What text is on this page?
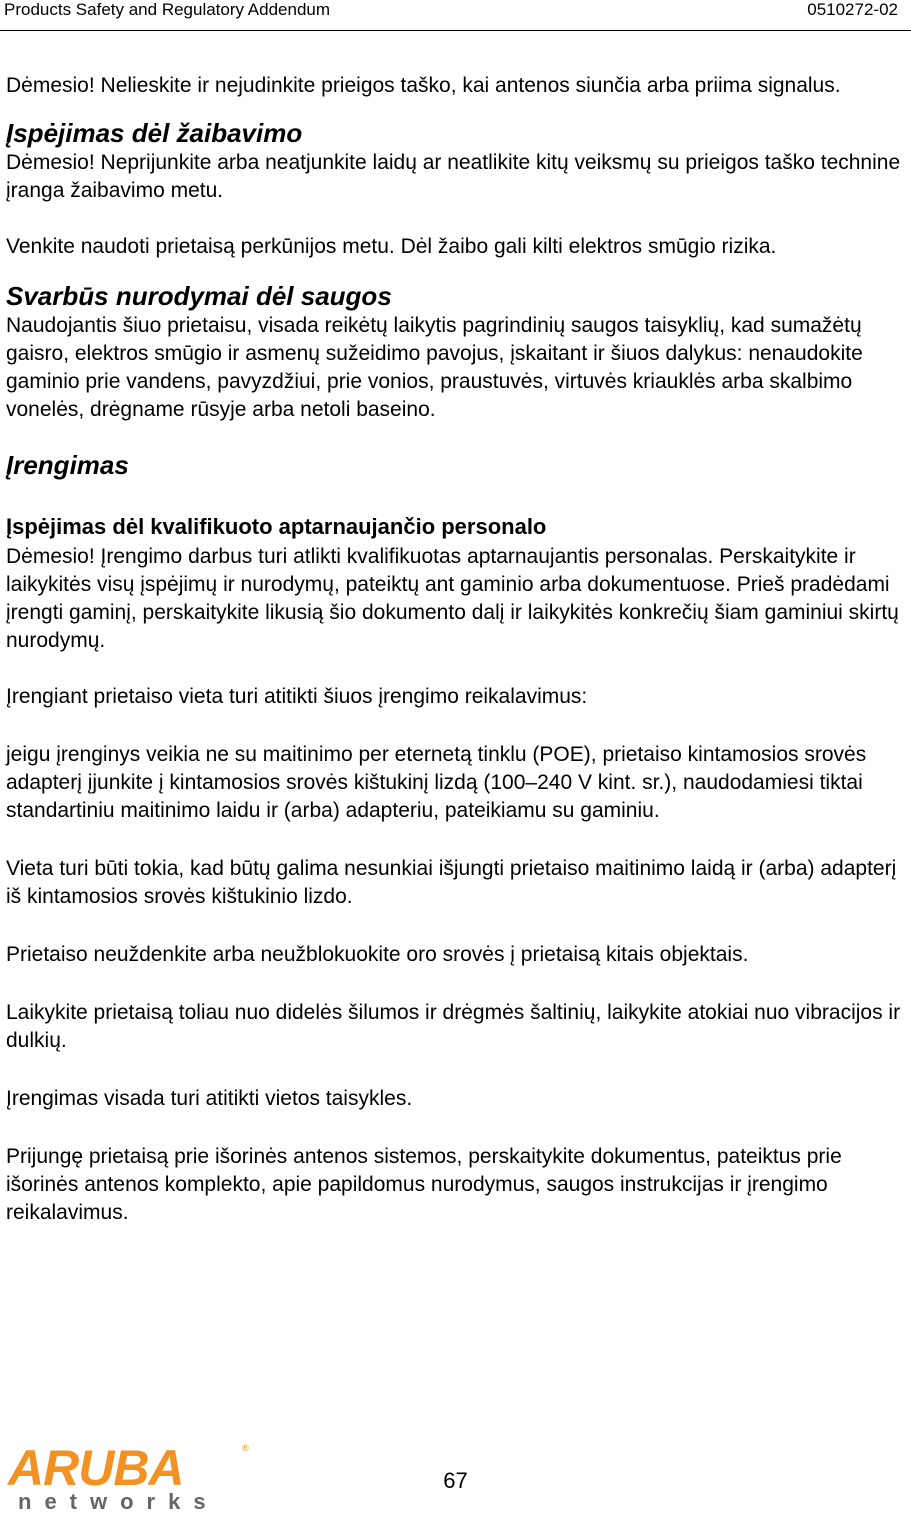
Products Safety and Regulatory Addendum	0510272-02

Dėmesio! Nelieskite ir nejudinkite prieigos taško, kai antenos siunčia arba priima signalus.

Įspėjimas dėl žaibavimo

Dėmesio! Neprijunkite arba neatjunkite laidų ar neatlikite kitų veiksmų su prieigos taško technine įranga žaibavimo metu.

Venkite naudoti prietaisą perkūnijos metu. Dėl žaibo gali kilti elektros smūgio rizika.

Svarbūs nurodymai dėl saugos

Naudojantis šiuo prietaisu, visada reikėtų laikytis pagrindinių saugos taisyklių, kad sumažėtų gaisro, elektros smūgio ir asmenų sužeidimo pavojus, įskaitant ir šiuos dalykus: nenaudokite gaminio prie vandens, pavyzdžiui, prie vonios, praustuvės, virtuvės kriauklės arba skalbimo vonelės, drėgname rūsyje arba netoli baseino.

Įrengimas
Įspėjimas dėl kvalifikuoto aptarnaujančio personalo

Dėmesio! Įrengimo darbus turi atlikti kvalifikuotas aptarnaujantis personalas. Perskaitykite ir laikykitės visų įspėjimų ir nurodymų, pateiktų ant gaminio arba dokumentuose. Prieš pradėdami įrengti gaminį, perskaitykite likusią šio dokumento dalį ir laikykitės konkrečių šiam gaminiui skirtų nurodymų.

Įrengiant prietaiso vieta turi atitikti šiuos įrengimo reikalavimus:

jeigu įrenginys veikia ne su maitinimo per eternetą tinklu (POE), prietaiso kintamosios srovės adapterį įjunkite į kintamosios srovės kištukinį lizdą (100–240 V kint. sr.), naudodamiesi tiktai standartiniu maitinimo laidu ir (arba) adapteriu, pateikiamu su gaminiu.

Vieta turi būti tokia, kad būtų galima nesunkiai išjungti prietaiso maitinimo laidą ir (arba) adapterį iš kintamosios srovės kištukinio lizdo.

Prietaiso neuždenkite arba neužblokuokite oro srovės į prietaisą kitais objektais.

Laikykite prietaisą toliau nuo didelės šilumos ir drėgmės šaltinių, laikykite atokiai nuo vibracijos ir dulkių.

Įrengimas visada turi atitikti vietos taisykles.

Prijungę prietaisą prie išorinės antenos sistemos, perskaitykite dokumentus, pateiktus prie išorinės antenos komplekto, apie papildomus nurodymus, saugos instrukcijas ir įrengimo reikalavimus.

ARUBA	®
networks
67
